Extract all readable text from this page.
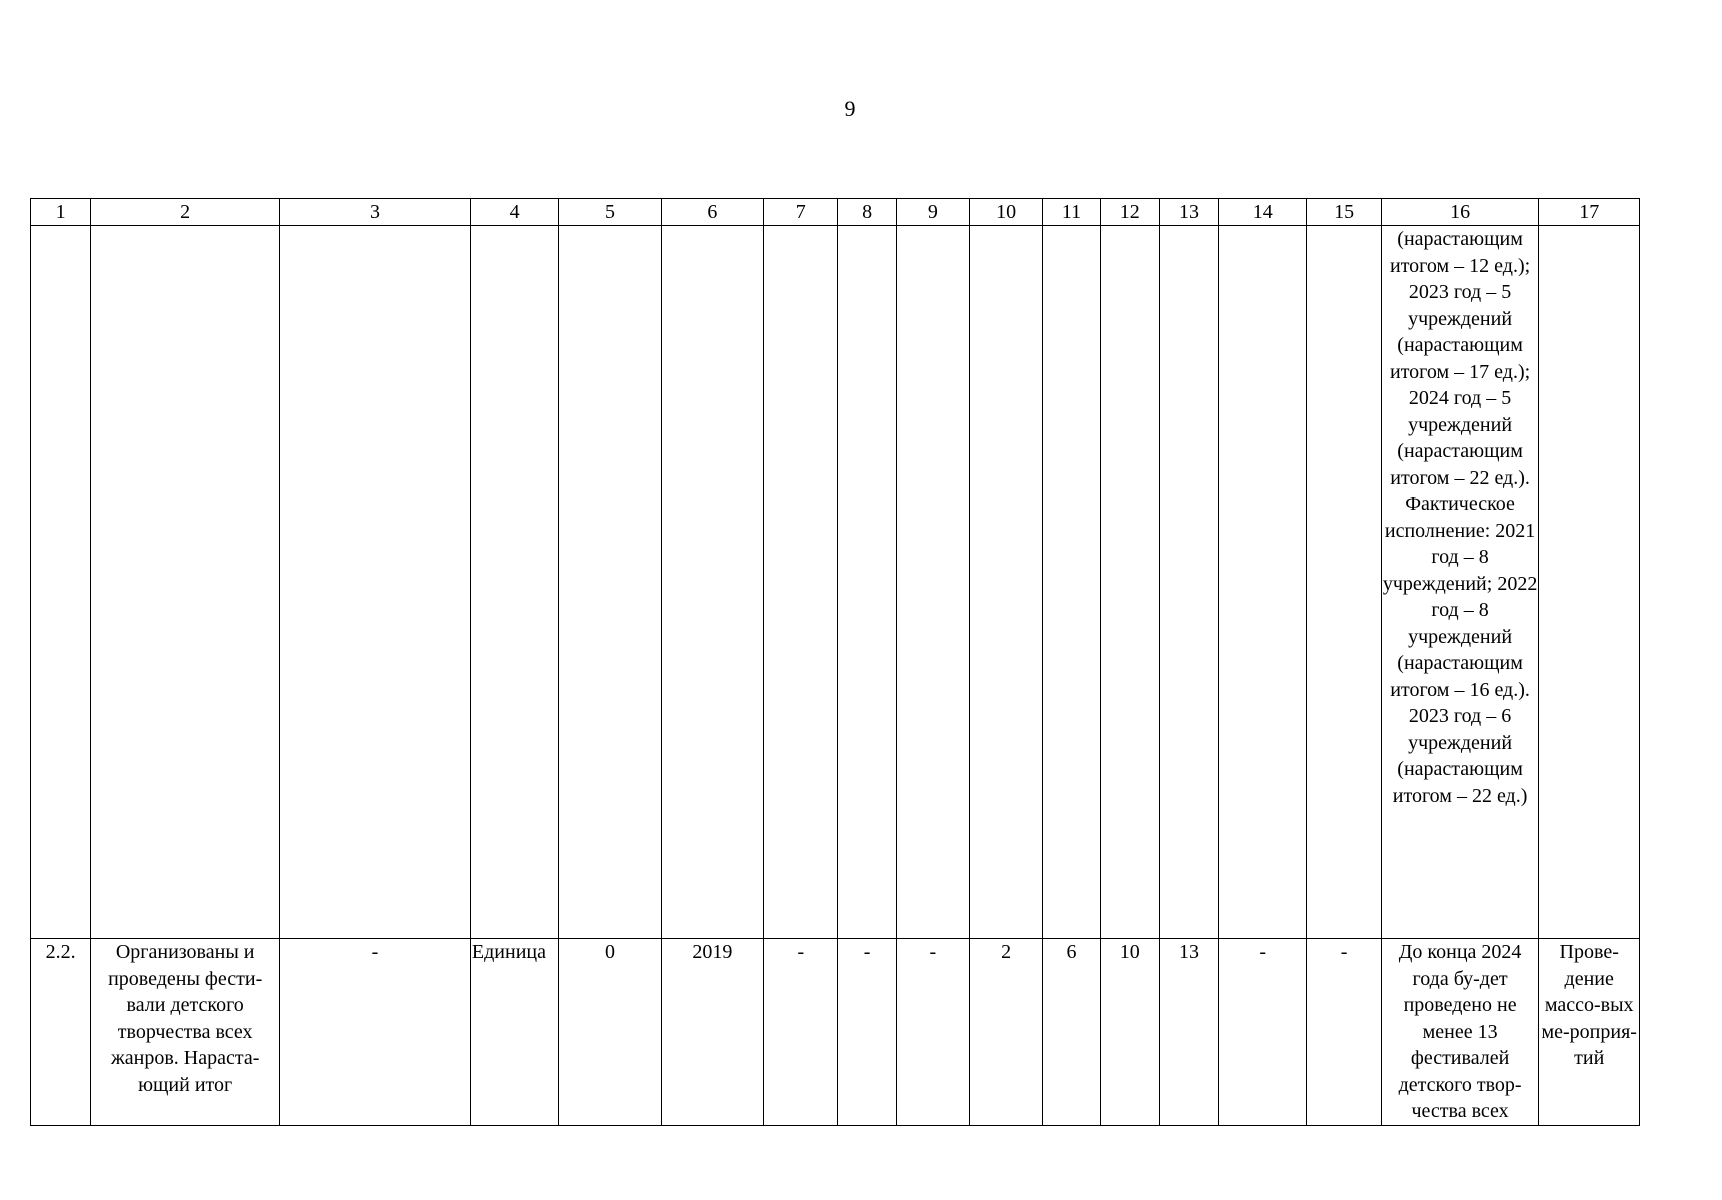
9
1	2	3	4	5	6	7	8	9	10	11	12	13	14	15	16	17

															(нарастающим итогом – 12 ед.); 2023 год – 5 учреждений (нарастающим итогом – 17 ед.); 2024 год – 5 учреждений (нарастающим итогом – 22 ед.). Фактическое исполнение: 2021 год – 8 учреждений; 2022 год – 8 учреждений (нарастающим итогом – 16 ед.). 2023 год – 6 учреждений (нарастающим итогом – 22 ед.)	

2.2.	Организованы и проведены фести-вали детского творчества всех жанров. Нараста-ющий итог	-	Единица	0	2019	-	-	-	2	6	10	13	-	-	До конца 2024 года бу-дет проведено не менее 13 фестивалей детского твор-чества всех	Прове-дение массо-вых ме-роприя-тий
